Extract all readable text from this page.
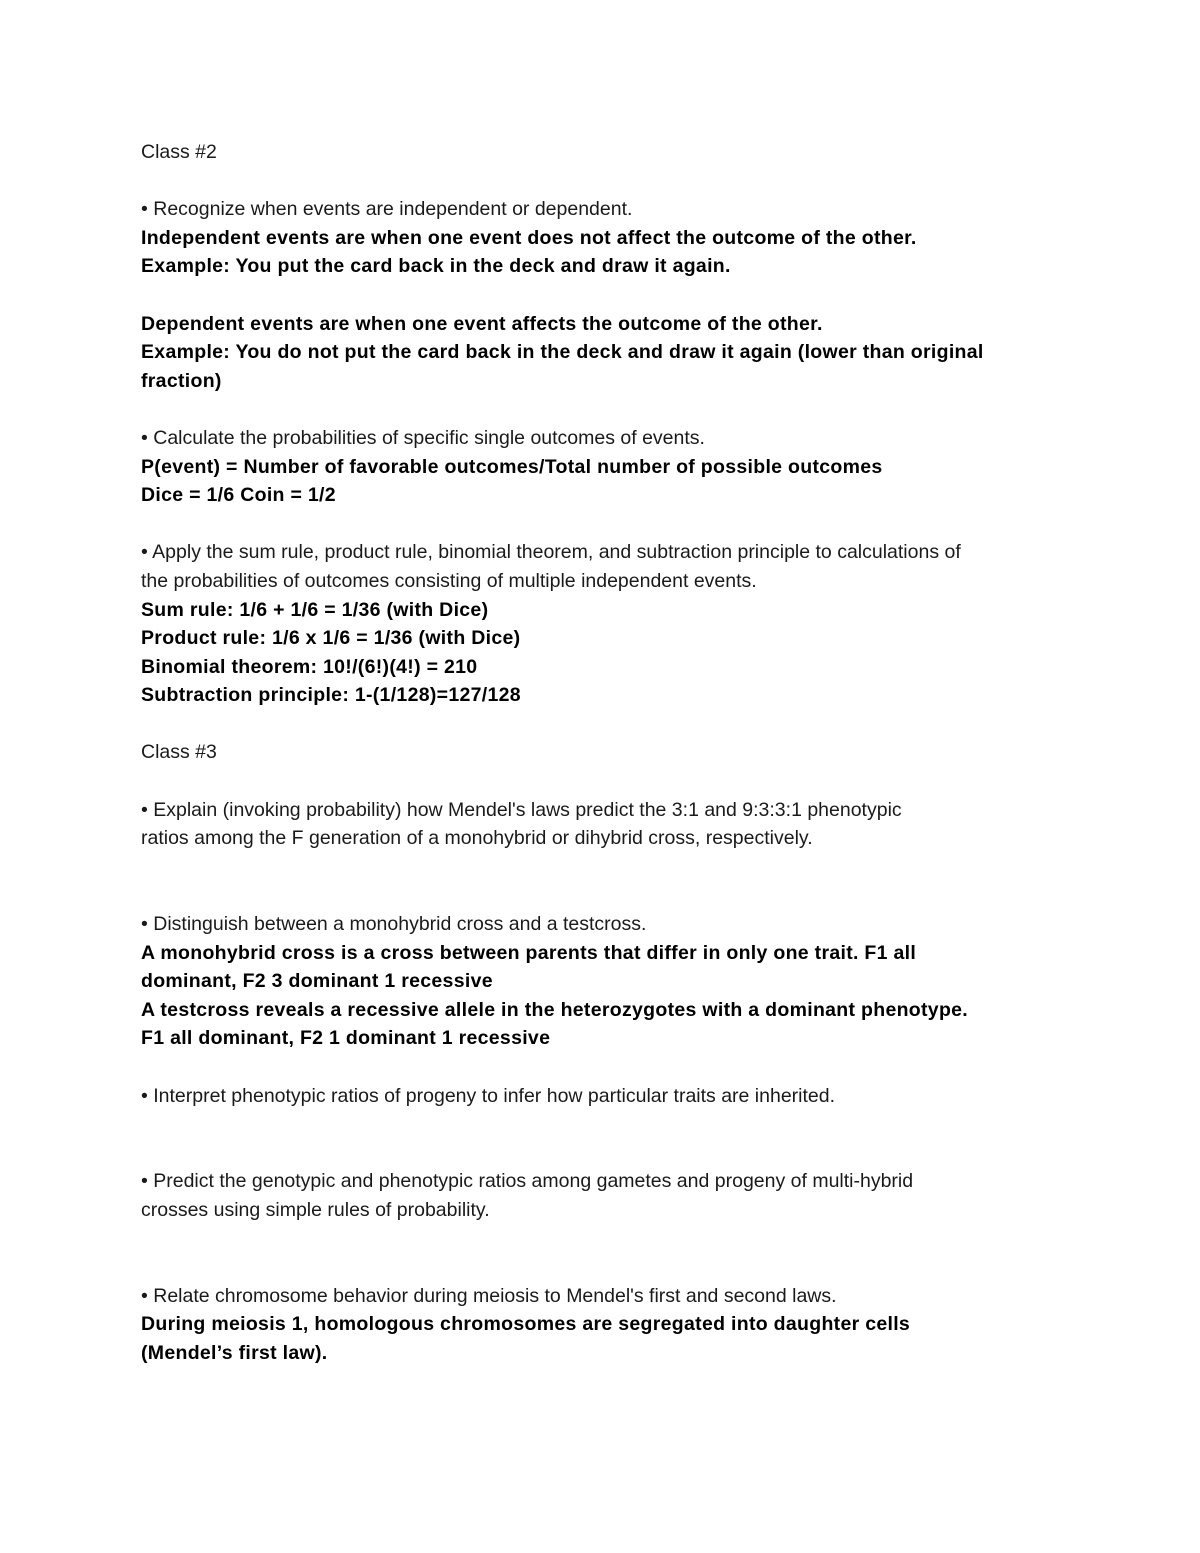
Class #2
• Recognize when events are independent or dependent.
Independent events are when one event does not affect the outcome of the other.
Example: You put the card back in the deck and draw it again.
Dependent events are when one event affects the outcome of the other.
Example: You do not put the card back in the deck and draw it again (lower than original
fraction)
• Calculate the probabilities of specific single outcomes of events.
P(event) = Number of favorable outcomes/Total number of possible outcomes
Dice = 1/6 Coin = 1/2
• Apply the sum rule, product rule, binomial theorem, and subtraction principle to calculations of
the probabilities of outcomes consisting of multiple independent events.
Sum rule: 1/6 + 1/6 = 1/36 (with Dice)
Product rule: 1/6 x 1/6 = 1/36 (with Dice)
Binomial theorem: 10!/(6!)(4!) = 210
Subtraction principle: 1-(1/128)=127/128
Class #3
• Explain (invoking probability) how Mendel's laws predict the 3:1 and 9:3:3:1 phenotypic
ratios among the F generation of a monohybrid or dihybrid cross, respectively.
• Distinguish between a monohybrid cross and a testcross.
A monohybrid cross is a cross between parents that differ in only one trait. F1 all
dominant, F2 3 dominant 1 recessive
A testcross reveals a recessive allele in the heterozygotes with a dominant phenotype.
F1 all dominant, F2 1 dominant 1 recessive
• Interpret phenotypic ratios of progeny to infer how particular traits are inherited.
• Predict the genotypic and phenotypic ratios among gametes and progeny of multi-hybrid
crosses using simple rules of probability.
• Relate chromosome behavior during meiosis to Mendel's first and second laws.
During meiosis 1, homologous chromosomes are segregated into daughter cells
(Mendel’s first law).
